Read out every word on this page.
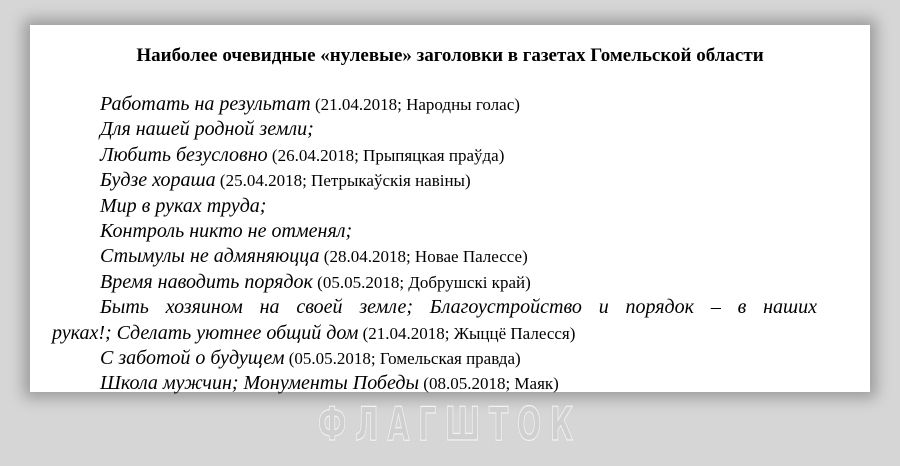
Наиболее очевидные «нулевые» заголовки в газетах Гомельской области
Работать на результат (21.04.2018; Народны голас)
Для нашей родной земли;
Любить безусловно (26.04.2018; Прыпяцкая праўда)
Будзе хораша (25.04.2018; Петрыкаўскія навіны)
Мир в руках труда;
Контроль никто не отменял;
Стымулы не адмяняюцца (28.04.2018; Новае Палессе)
Время наводить порядок (05.05.2018; Добрушскі край)
Быть хозяином на своей земле; Благоустройство и порядок – в наших
руках!; Сделать уютнее общий дом (21.04.2018; Жыццё Палесся)
С заботой о будущем (05.05.2018; Гомельская правда)
Школа мужчин; Монументы Победы (08.05.2018; Маяк)
ФЛАГШТОК
